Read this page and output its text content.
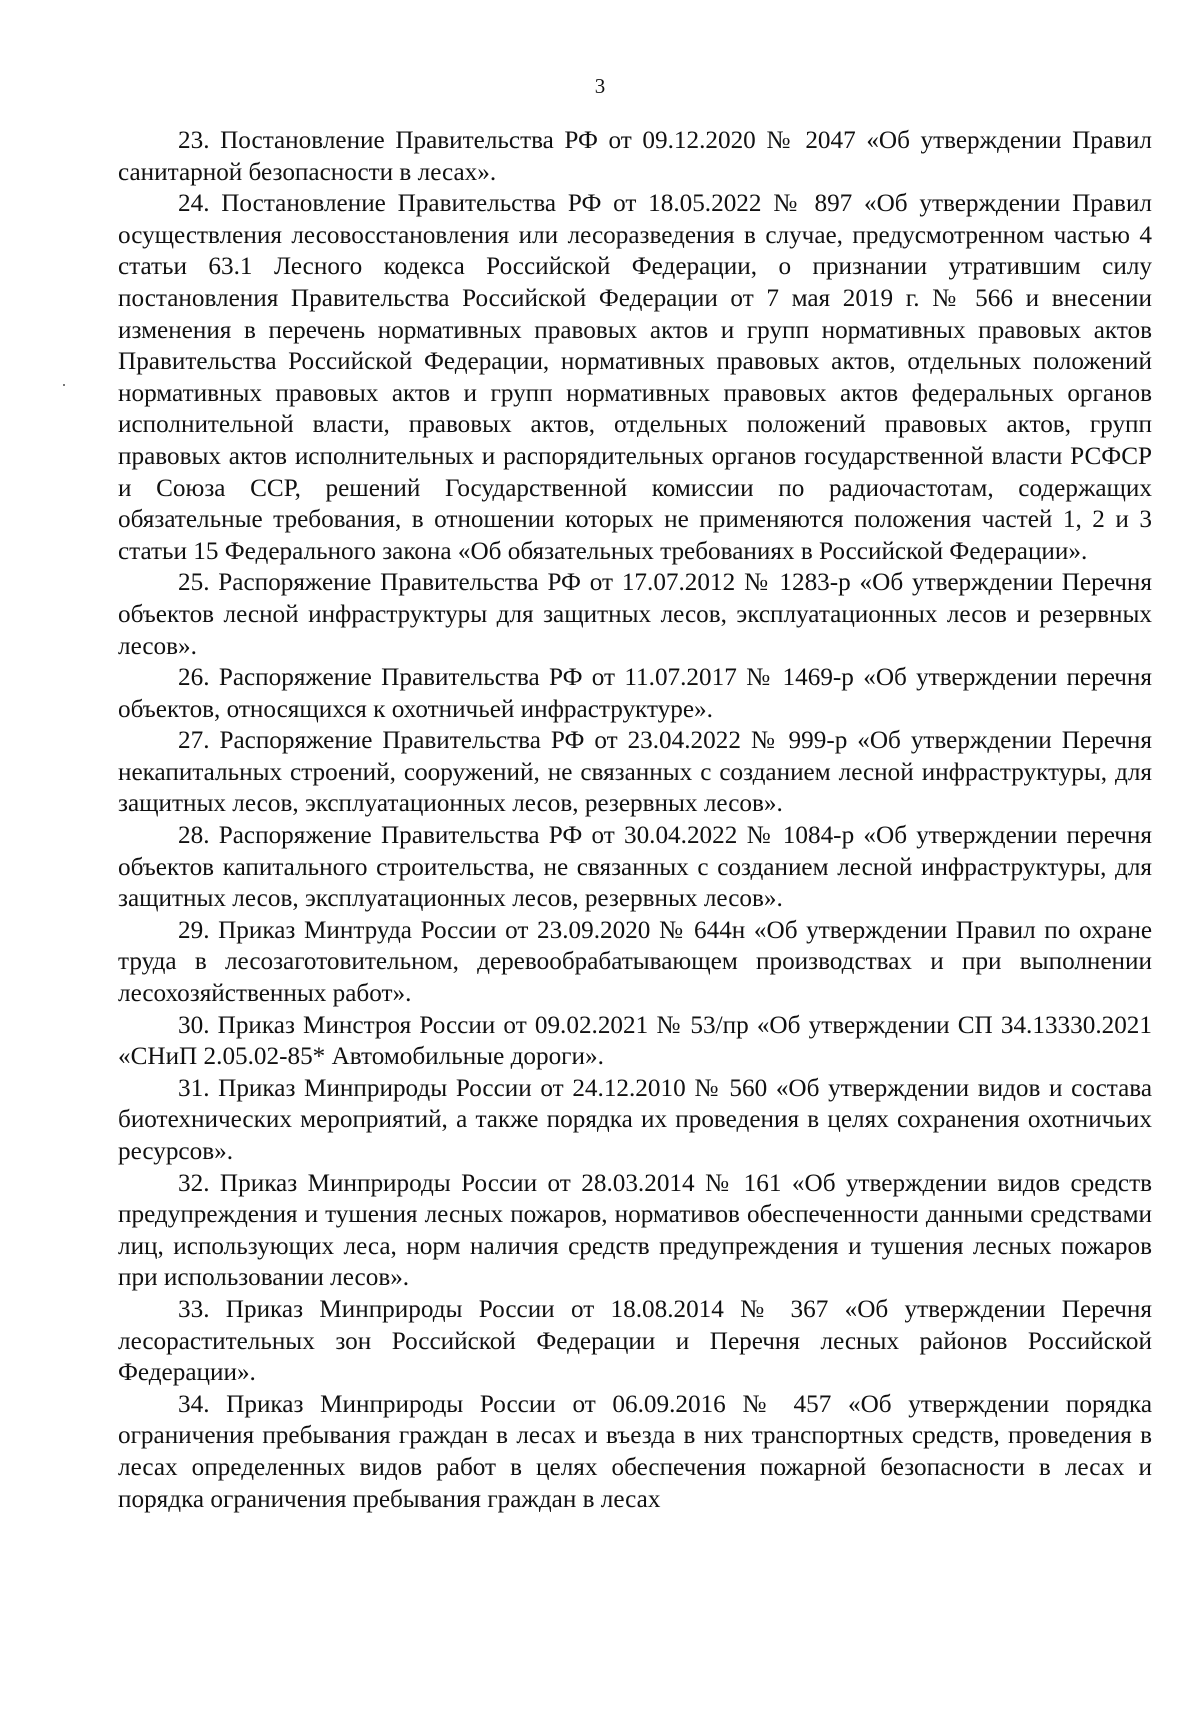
3

23. Постановление Правительства РФ от 09.12.2020 № 2047 «Об утверждении Правил санитарной безопасности в лесах».

24. Постановление Правительства РФ от 18.05.2022 № 897 «Об утверждении Правил осуществления лесовосстановления или лесоразведения в случае, предусмотренном частью 4 статьи 63.1 Лесного кодекса Российской Федерации, о признании утратившим силу постановления Правительства Российской Федерации от 7 мая 2019 г. № 566 и внесении изменения в перечень нормативных правовых актов и групп нормативных правовых актов Правительства Российской Федерации, нормативных правовых актов, отдельных положений нормативных правовых актов и групп нормативных правовых актов федеральных органов исполнительной власти, правовых актов, отдельных положений правовых актов, групп правовых актов исполнительных и распорядительных органов государственной власти РСФСР и Союза ССР, решений Государственной комиссии по радиочастотам, содержащих обязательные требования, в отношении которых не применяются положения частей 1, 2 и 3 статьи 15 Федерального закона «Об обязательных требованиях в Российской Федерации».

25. Распоряжение Правительства РФ от 17.07.2012 № 1283-р «Об утверждении Перечня объектов лесной инфраструктуры для защитных лесов, эксплуатационных лесов и резервных лесов».

26. Распоряжение Правительства РФ от 11.07.2017 № 1469-р «Об утверждении перечня объектов, относящихся к охотничьей инфраструктуре».

27. Распоряжение Правительства РФ от 23.04.2022 № 999-р «Об утверждении Перечня некапитальных строений, сооружений, не связанных с созданием лесной инфраструктуры, для защитных лесов, эксплуатационных лесов, резервных лесов».

28. Распоряжение Правительства РФ от 30.04.2022 № 1084-р «Об утверждении перечня объектов капитального строительства, не связанных с созданием лесной инфраструктуры, для защитных лесов, эксплуатационных лесов, резервных лесов».

29. Приказ Минтруда России от 23.09.2020 № 644н «Об утверждении Правил по охране труда в лесозаготовительном, деревообрабатывающем производствах и при выполнении лесохозяйственных работ».

30. Приказ Минстроя России от 09.02.2021 № 53/пр «Об утверждении СП 34.13330.2021 «СНиП 2.05.02-85* Автомобильные дороги».

31. Приказ Минприроды России от 24.12.2010 № 560 «Об утверждении видов и состава биотехнических мероприятий, а также порядка их проведения в целях сохранения охотничьих ресурсов».

32. Приказ Минприроды России от 28.03.2014 № 161 «Об утверждении видов средств предупреждения и тушения лесных пожаров, нормативов обеспеченности данными средствами лиц, использующих леса, норм наличия средств предупреждения и тушения лесных пожаров при использовании лесов».

33. Приказ Минприроды России от 18.08.2014 № 367 «Об утверждении Перечня лесорастительных зон Российской Федерации и Перечня лесных районов Российской Федерации».

34. Приказ Минприроды России от 06.09.2016 № 457 «Об утверждении порядка ограничения пребывания граждан в лесах и въезда в них транспортных средств, проведения в лесах определенных видов работ в целях обеспечения пожарной безопасности в лесах и порядка ограничения пребывания граждан в лесах
